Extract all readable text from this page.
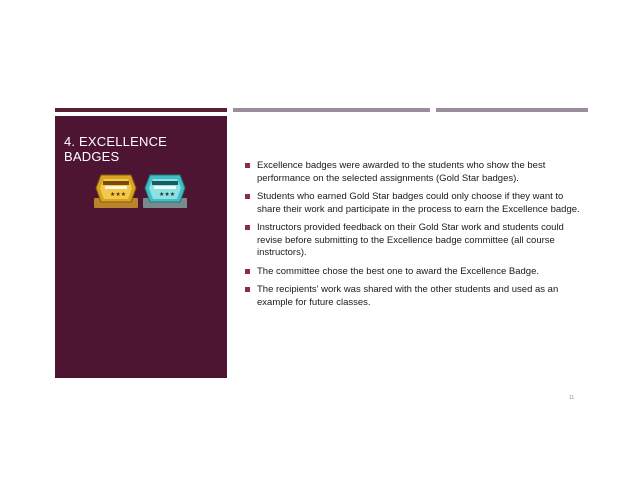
4. EXCELLENCE BADGES
★★★	★★★
Excellence badges were awarded to the students who show the best performance on the selected assignments (Gold Star badges).
Students who earned Gold Star badges could only choose if they want to share their work and participate in the process to earn the Excellence badge.
Instructors provided feedback on their Gold Star work and students could revise before submitting to the Excellence badge committee (all course instructors).
The committee chose the best one to award the Excellence Badge.
The recipients' work was shared with the other students and used as an example for future classes.
11
